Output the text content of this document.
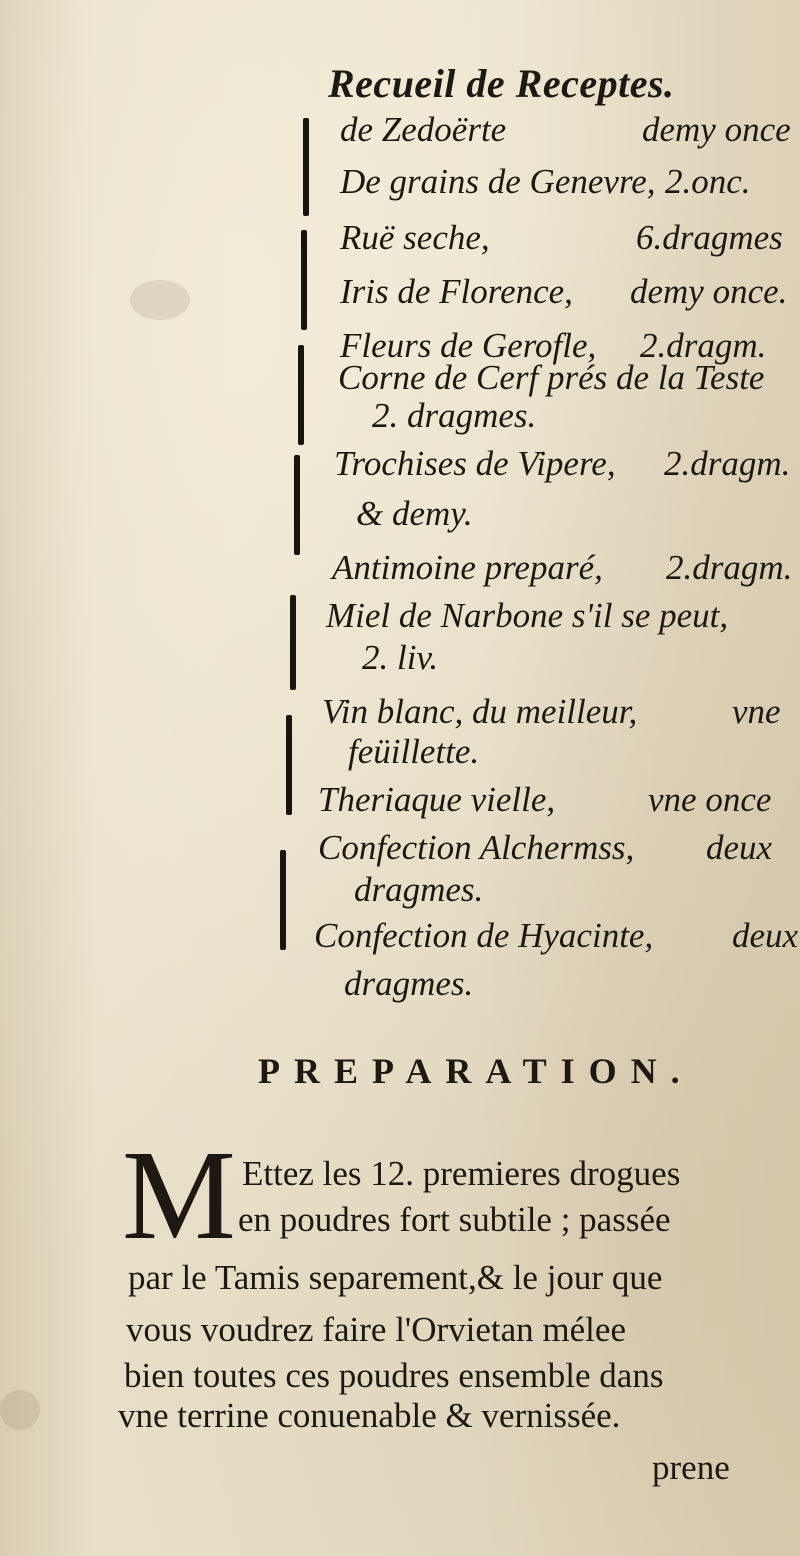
Recueil de Receptes.
de Zedoërte	demy once
De grains de Genevre, 2.onc.
Ruë seche,	6.dragmes
Iris de Florence, demy once.
Fleurs de Gerofle, 2.dragm.
Corne de Cerf prés de la Teste
2. dragmes.
Trochises de Vipere, 2.dragm.
& demy.
Antimoine preparé, 2.dragm.
Miel de Narbone s'il se peut,
2. liv.
Vin blanc, du meilleur,	vne
feüillette.
Theriaque vielle,	vne once
Confection Alchermss, deux
dragmes.
Confection de Hyacinte, deux
dragmes.
PREPARATION.
M Ettez les 12. premieres drogues
en poudres fort subtile ; passée
par le Tamis separement,& le jour que
vous voudrez faire l'Orvietan mélee
bien toutes ces poudres ensemble dans
vne terrine conuenable & vernissée.
prene
